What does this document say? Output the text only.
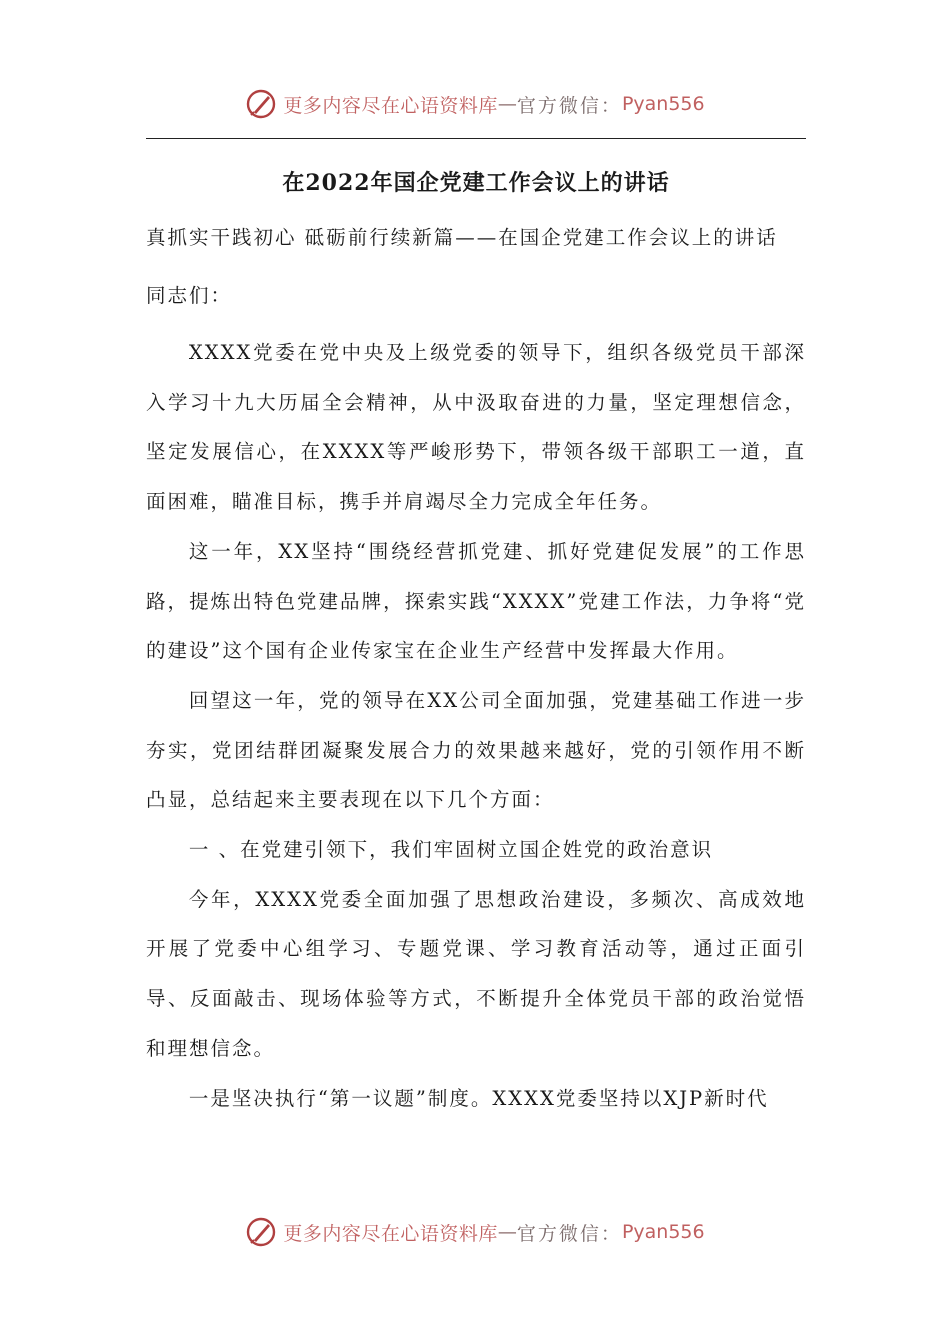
更多内容尽在心语资料库 — 官方微信： Pyan556
在2022年国企党建工作会议上的讲话
真抓实干践初心 砥砺前行续新篇——在国企党建工作会议上的讲话
同志们：

XXXX党委在党中央及上级党委的领导下，组织各级党员干部深入学习十九大历届全会精神，从中汲取奋进的力量，坚定理想信念，坚定发展信心，在XXXX等严峻形势下，带领各级干部职工一道，直面困难，瞄准目标，携手并肩竭尽全力完成全年任务。

这一年，XX坚持“围绕经营抓党建、抓好党建促发展”的工作思路，提炼出特色党建品牌，探索实践“XXXX”党建工作法，力争将“党的建设”这个国有企业传家宝在企业生产经营中发挥最大作用。

回望这一年，党的领导在XX公司全面加强，党建基础工作进一步夯实，党团结群团凝聚发展合力的效果越来越好，党的引领作用不断凸显，总结起来主要表现在以下几个方面：

一 、在党建引领下，我们牢固树立国企姓党的政治意识

今年，XXXX党委全面加强了思想政治建设，多频次、高成效地开展了党委中心组学习、专题党课、学习教育活动等，通过正面引导、反面敲击、现场体验等方式，不断提升全体党员干部的政治觉悟和理想信念。

一是坚决执行“第一议题”制度。XXXX党委坚持以XJP新时代

更多内容尽在心语资料库 — 官方微信： Pyan556
